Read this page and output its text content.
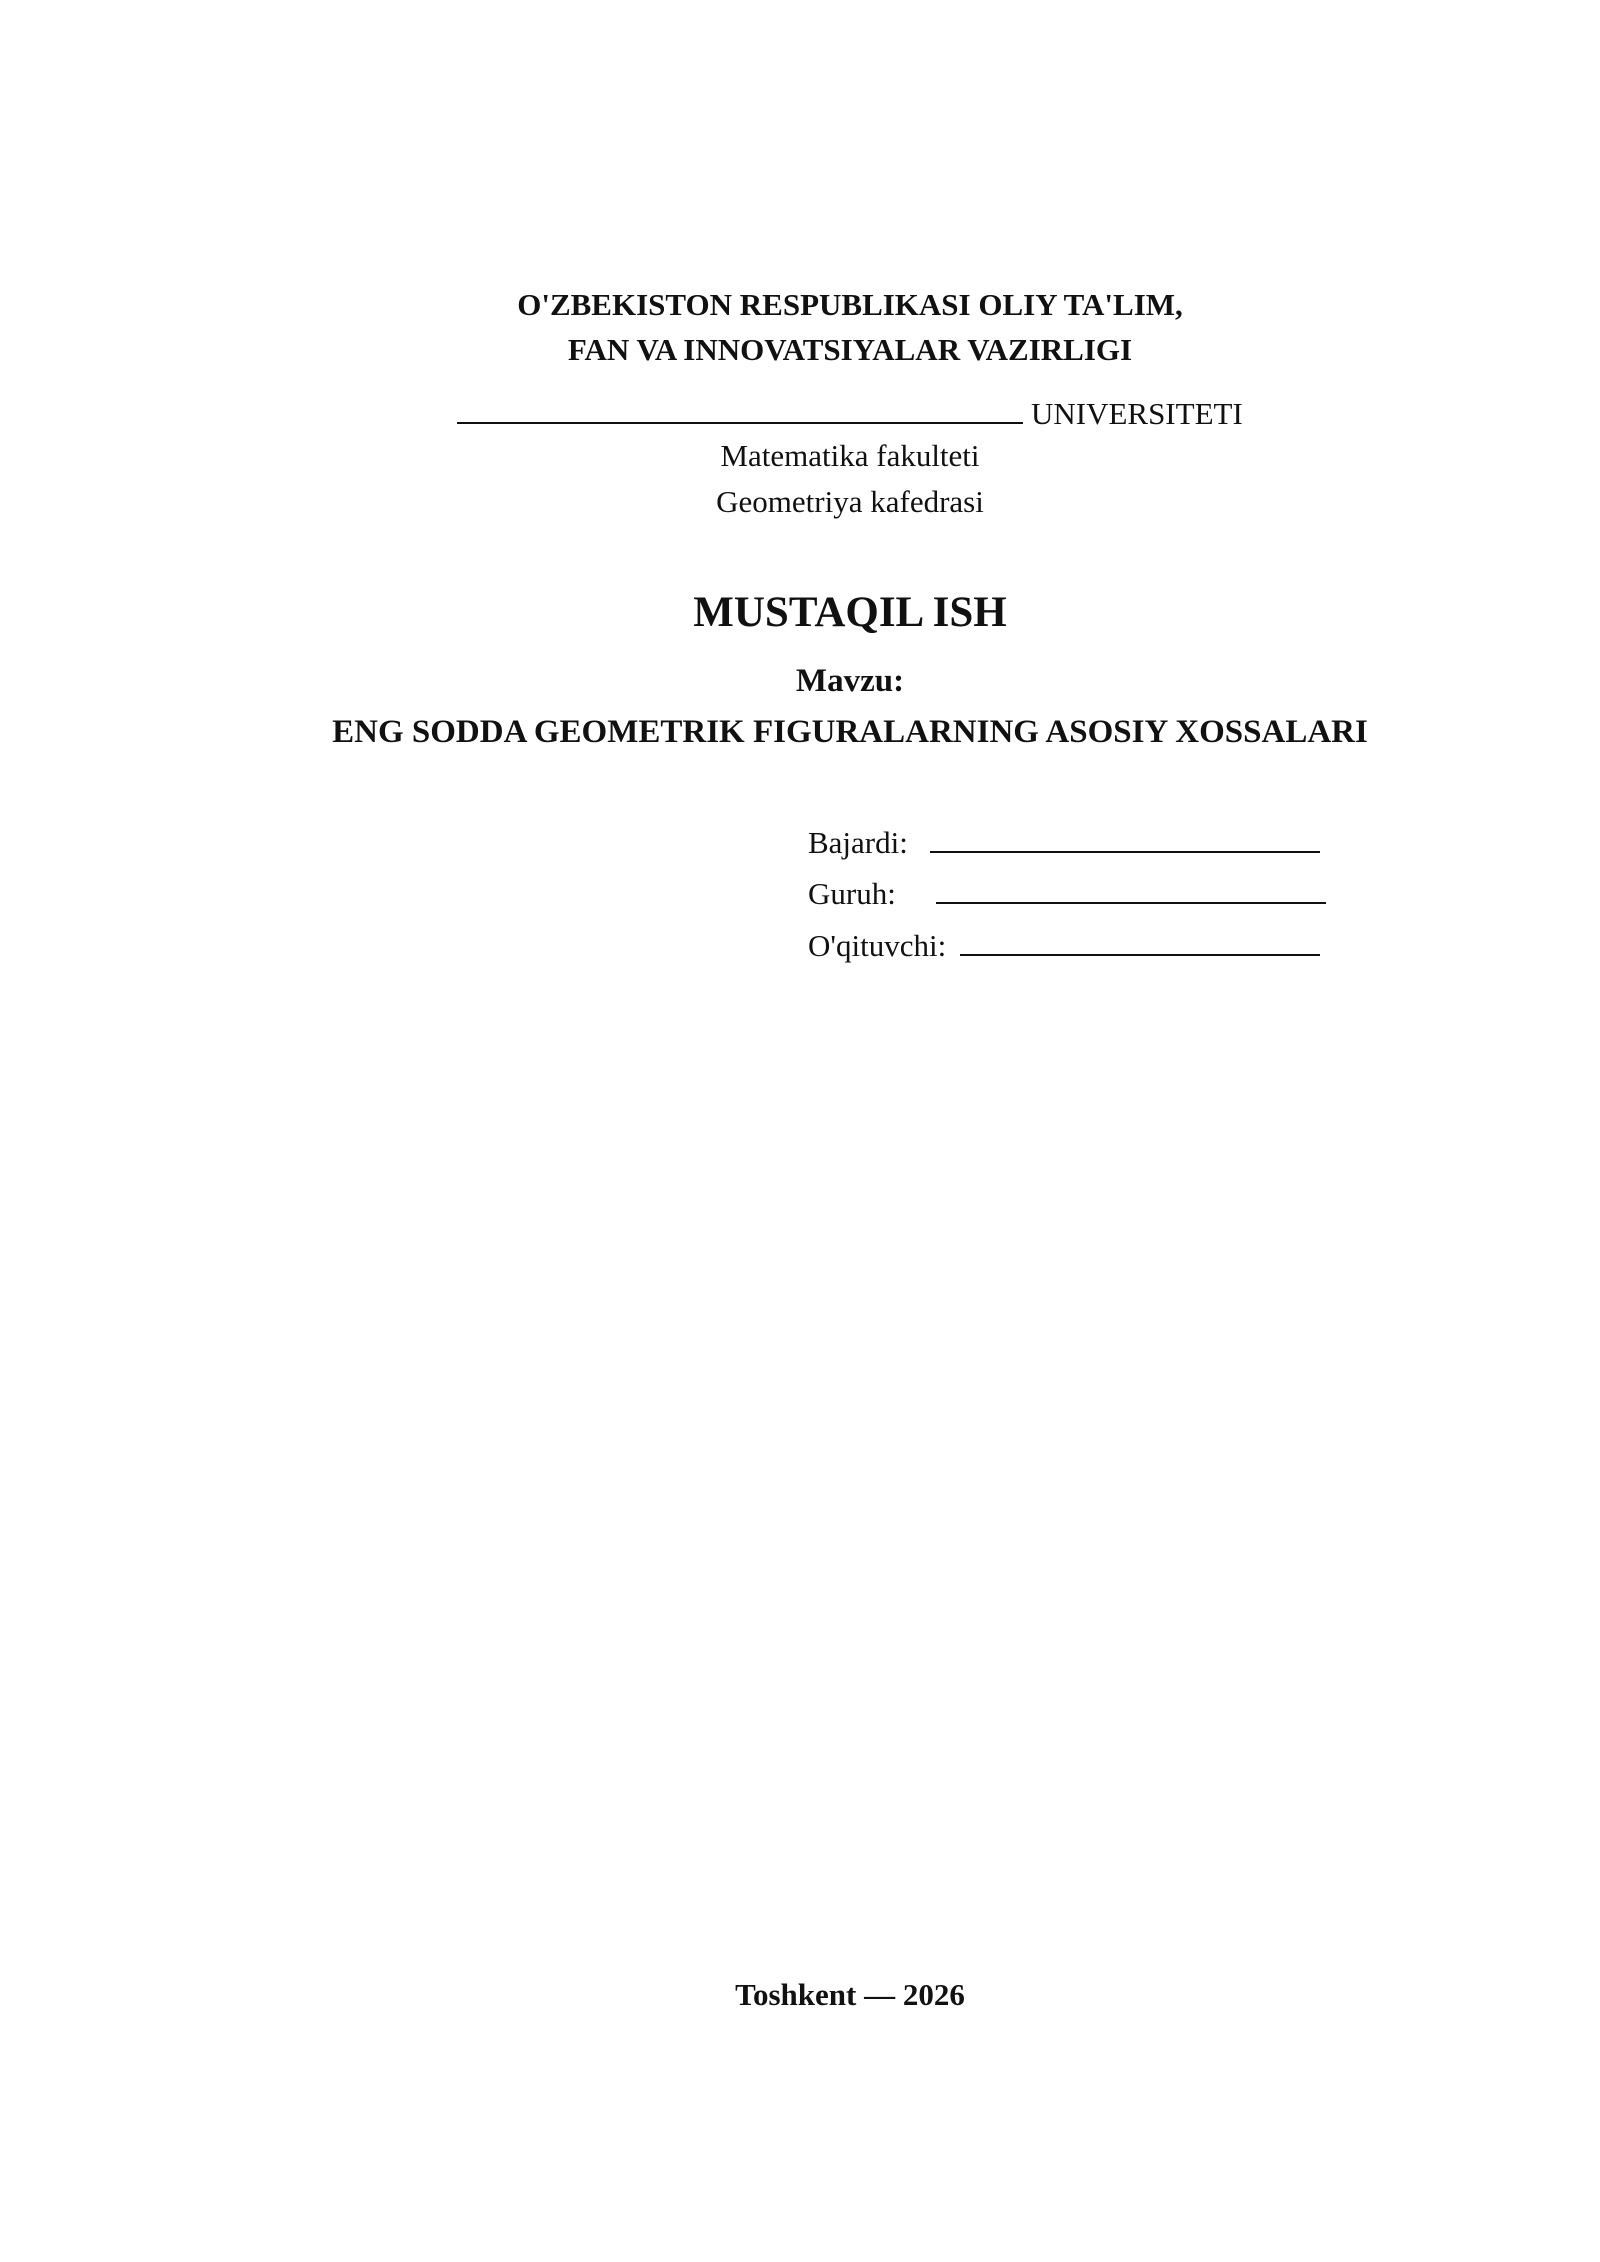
O'ZBEKISTON RESPUBLIKASI OLIY TA'LIM,
FAN VA INNOVATSIYALAR VAZIRLIGI
UNIVERSITETI
Matematika fakulteti
Geometriya kafedrasi
MUSTAQIL ISH
Mavzu:
ENG SODDA GEOMETRIK FIGURALARNING ASOSIY XOSSALARI
Bajardi:
Guruh:
O'qituvchi:
Toshkent — 2026
